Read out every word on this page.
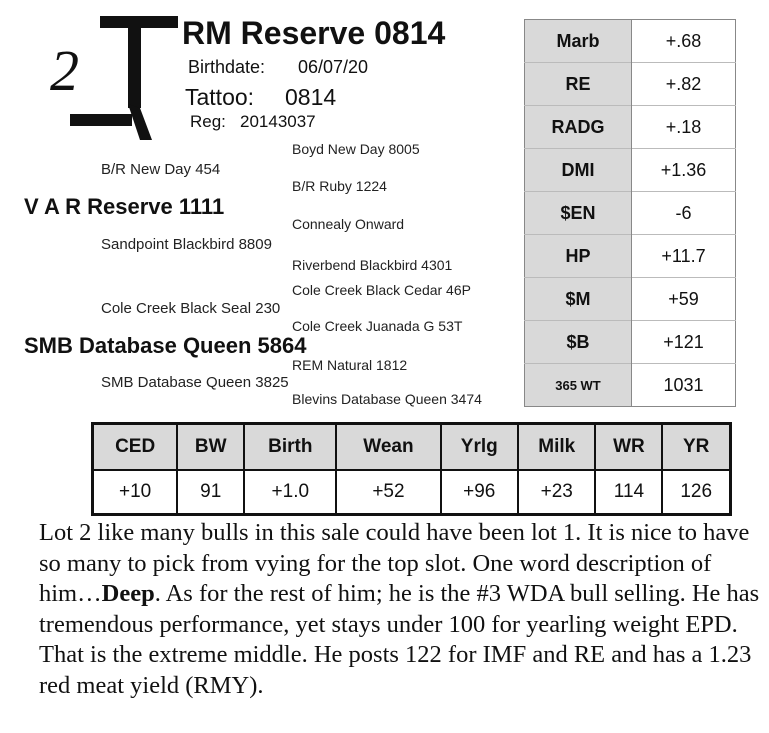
2
RM Reserve 0814
Birthdate: 06/07/20
Tattoo: 0814
Reg: 20143037
Boyd New Day 8005
B/R New Day 454
B/R Ruby 1224
V A R Reserve 1111
Connealy Onward
Sandpoint Blackbird 8809
Riverbend Blackbird 4301
Cole Creek Black Cedar 46P
Cole Creek Black Seal 230
Cole Creek Juanada G 53T
SMB Database Queen 5864
REM Natural 1812
SMB Database Queen 3825
Blevins Database Queen 3474
Marb	+.68
RE	+.82
RADG	+.18
DMI	+1.36
$EN	-6
HP	+11.7
$M	+59
$B	+121
365 WT	1031
CED	BW	Birth	Wean	Yrlg	Milk	WR	YR
+10	91	+1.0	+52	+96	+23	114	126
Lot 2 like many bulls in this sale could have been lot 1. It is nice to have so many to pick from vying for the top slot. One word description of him…Deep. As for the rest of him; he is the #3 WDA bull selling. He has tremendous performance, yet stays under 100 for yearling weight EPD. That is the extreme middle. He posts 122 for IMF and RE and has a 1.23 red meat yield (RMY).
